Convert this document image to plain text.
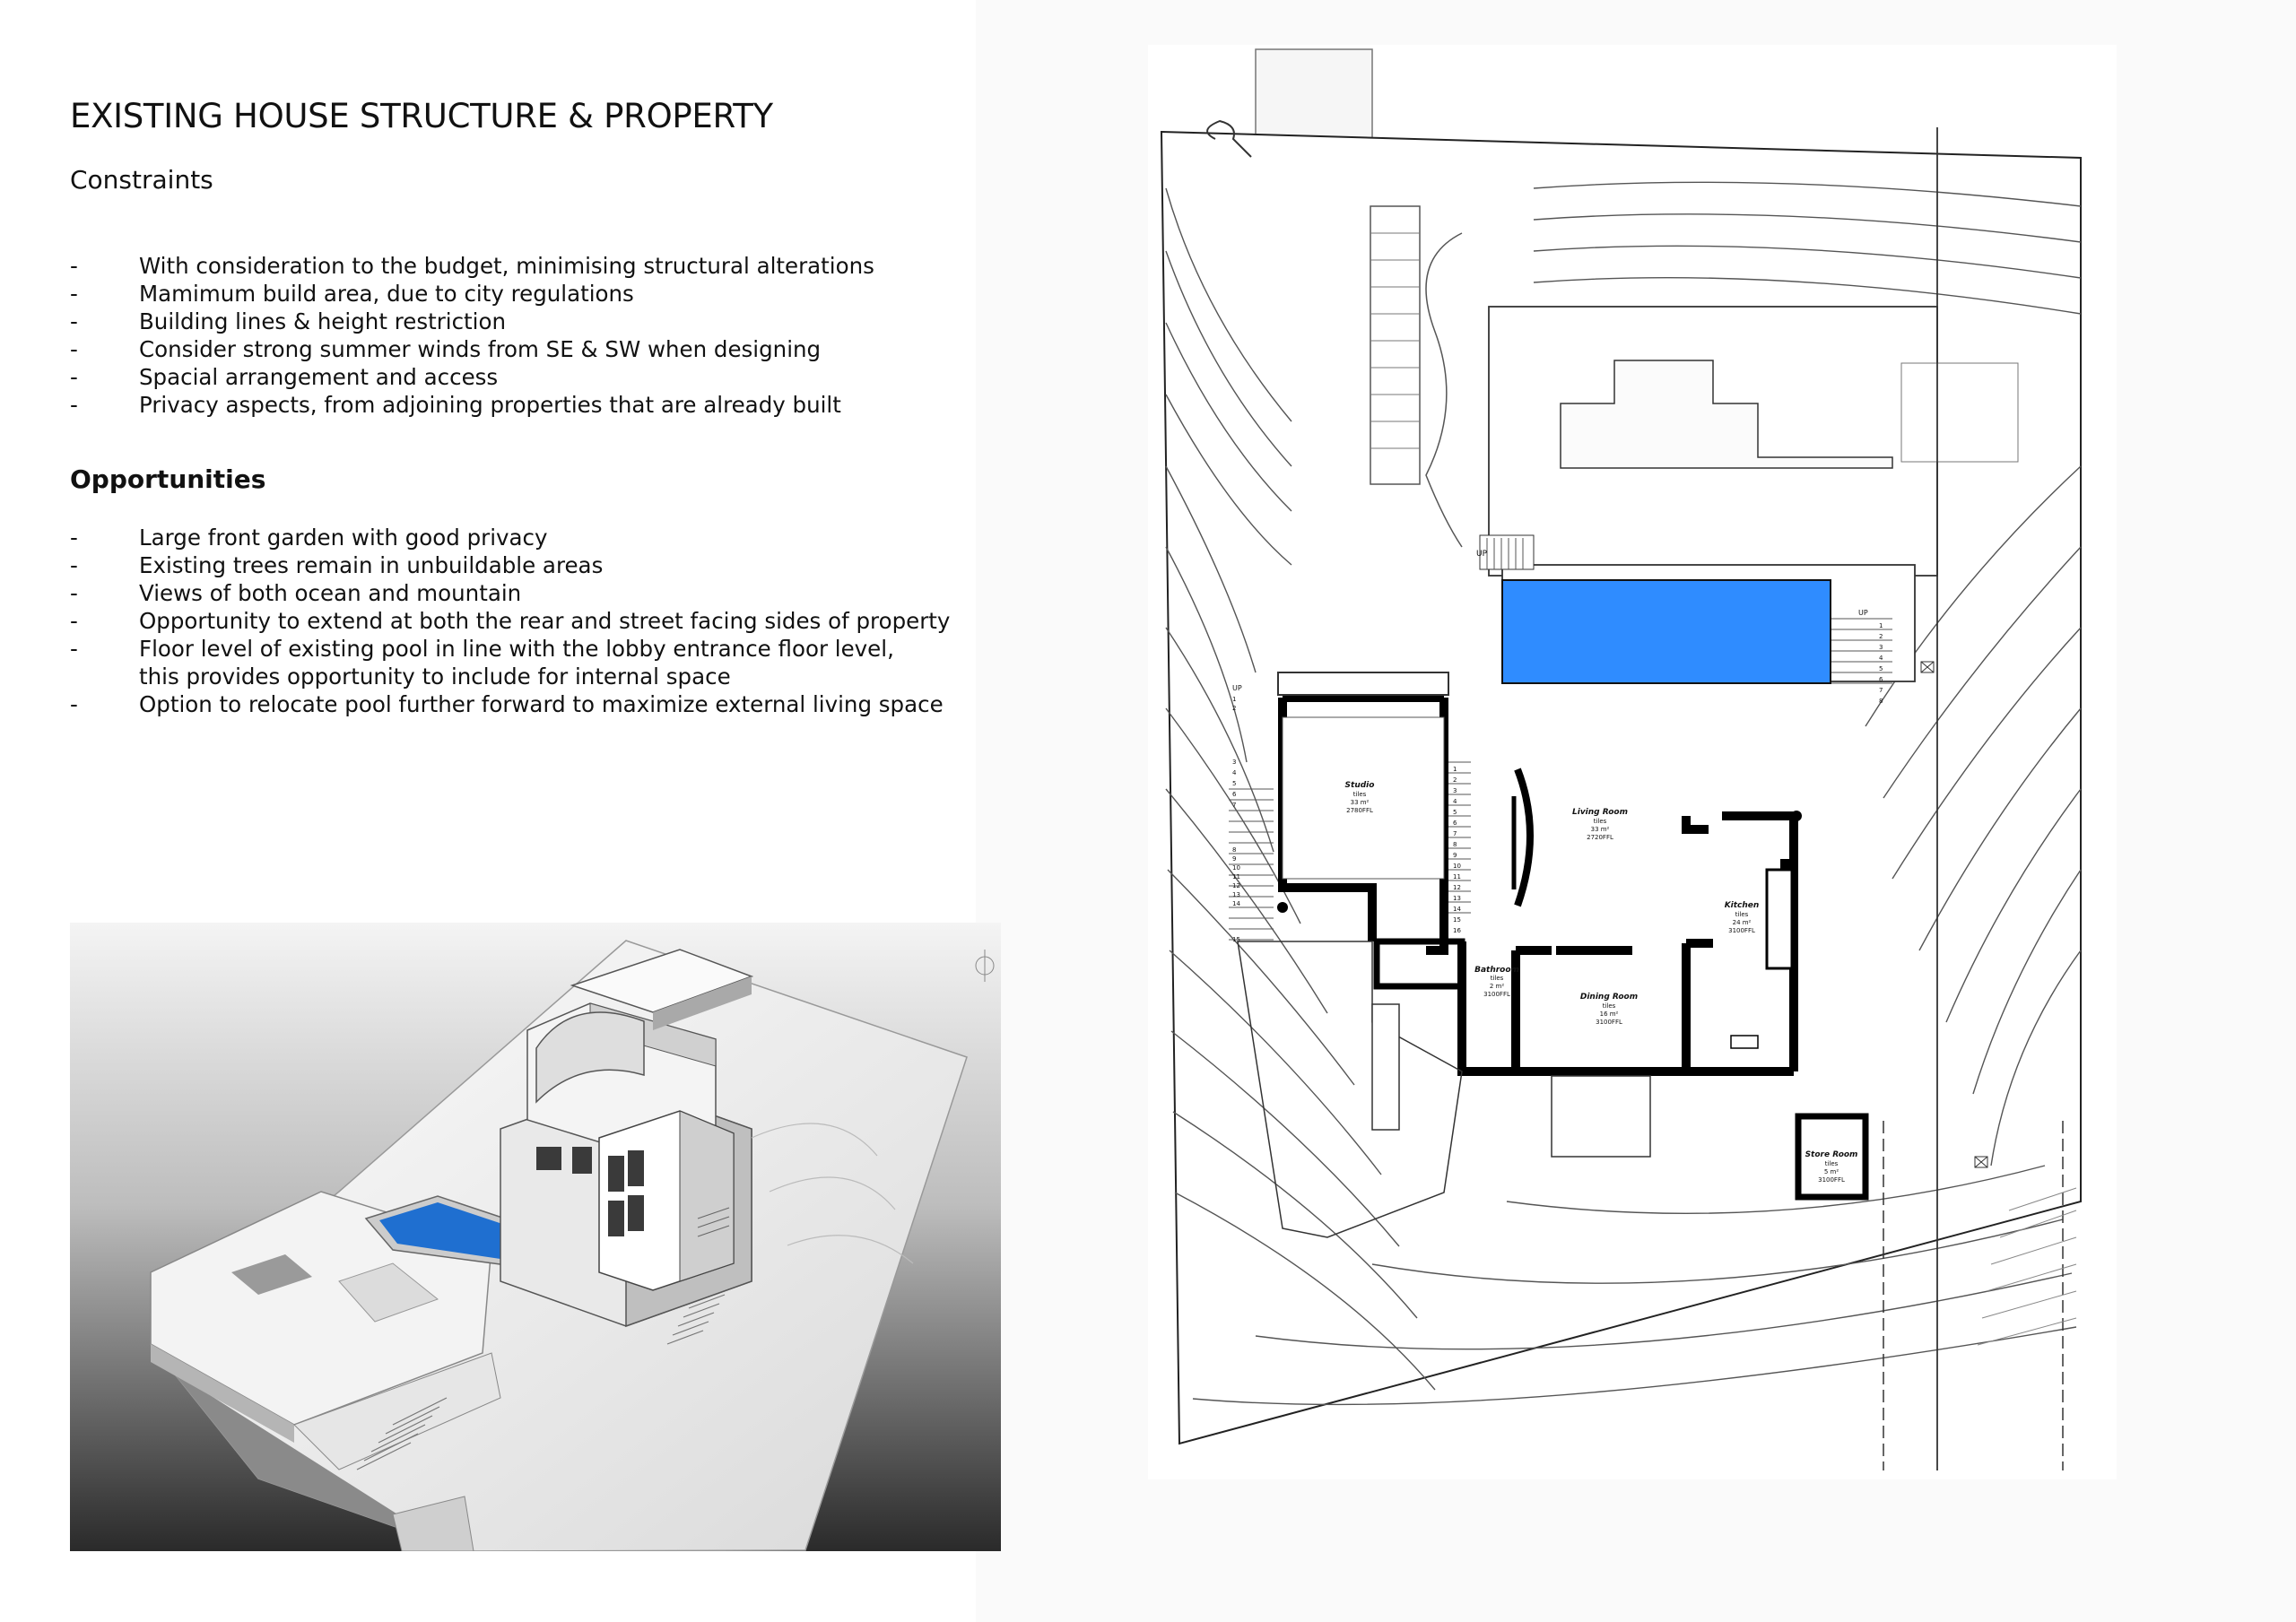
EXISTING HOUSE STRUCTURE & PROPERTY
Constraints
-	With consideration to the budget, minimising structural alterations
-	Mamimum build area, due to city regulations
-	Building lines & height restriction
-	Consider strong summer winds from SE & SW when designing
-	Spacial arrangement and access
-	Privacy aspects, from adjoining properties that are already built
Opportunities
-	Large front garden with good privacy
-	Existing trees remain in unbuildable areas
-	Views of both ocean and mountain
-	Opportunity to extend at both the rear and street facing sides of property
-	Floor level of existing pool in line with the lobby entrance floor level,
this provides opportunity to include for internal space
-	Option to relocate pool further forward to maximize external living space
UP
UP
1
2
3
4
5
6
7
8
1
2
3
4
5
6
7
8
9
10
11
12
13
14
15
16
UP
1
2
3
4
5
6
7
8
9
10
11
12
13
14
15
Studio
Living Room
Kitchen
Bathroom
Dining Room
Store Room
tiles
33 m²
2780FFL
tiles
33 m²
2720FFL
tiles
24 m²
3100FFL
tiles
2 m²
3100FFL
tiles
16 m²
3100FFL
tiles
5 m²
3100FFL
